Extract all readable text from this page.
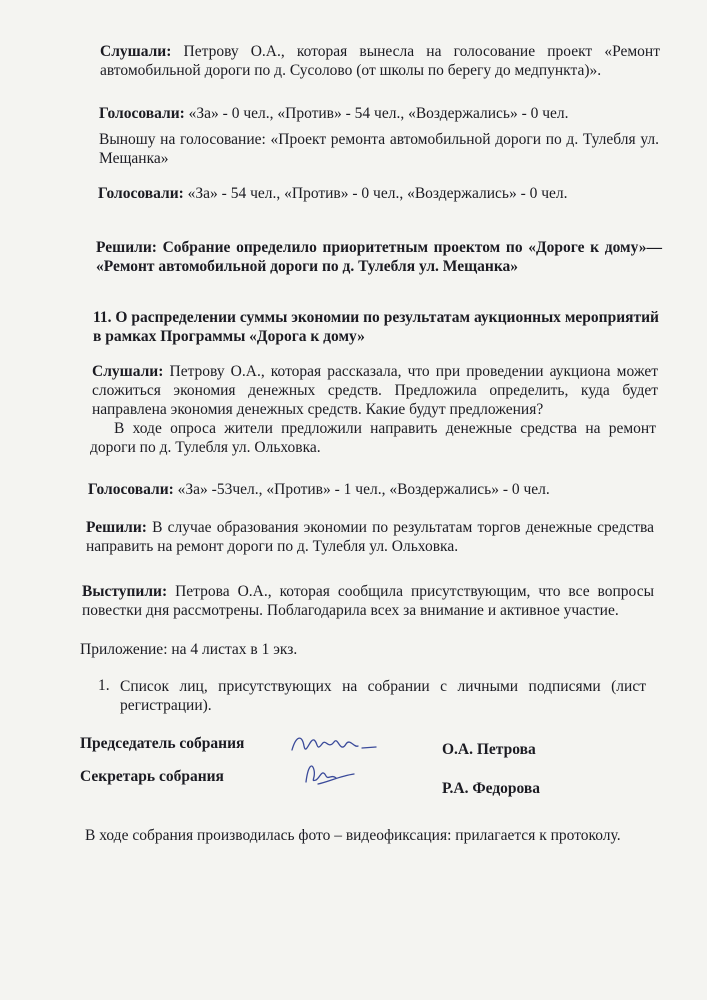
Слушали: Петрову О.А., которая вынесла на голосование проект «Ремонт автомобильной дороги по д. Сусолово (от школы по берегу до медпункта)».
Голосовали: «За» - 0 чел., «Против» - 54 чел., «Воздержались» - 0 чел.
Выношу на голосование: «Проект ремонта автомобильной дороги по д. Тулебля ул. Мещанка»
Голосовали: «За» - 54 чел., «Против» - 0 чел., «Воздержались» - 0 чел.
Решили: Собрание определило приоритетным проектом по «Дороге к дому»— «Ремонт автомобильной дороги по д. Тулебля ул. Мещанка»
11. О распределении суммы экономии по результатам аукционных мероприятий в рамках Программы «Дорога к дому»
Слушали: Петрову О.А., которая рассказала, что при проведении аукциона может сложиться экономия денежных средств. Предложила определить, куда будет направлена экономия денежных средств. Какие будут предложения?
В ходе опроса жители предложили направить денежные средства на ремонт дороги по д. Тулебля ул. Ольховка.
Голосовали: «За» -53чел., «Против» - 1 чел., «Воздержались» - 0 чел.
Решили: В случае образования экономии по результатам торгов денежные средства направить на ремонт дороги по д. Тулебля ул. Ольховка.
Выступили: Петрова О.А., которая сообщила присутствующим, что все вопросы повестки дня рассмотрены. Поблагодарила всех за внимание и активное участие.
Приложение: на 4 листах в 1 экз.
1. Список лиц, присутствующих на собрании с личными подписями (лист регистрации).
Председатель собрания	О.А. Петрова
Секретарь собрания
Р.А. Федорова
В ходе собрания производилась фото – видеофиксация: прилагается к протоколу.
